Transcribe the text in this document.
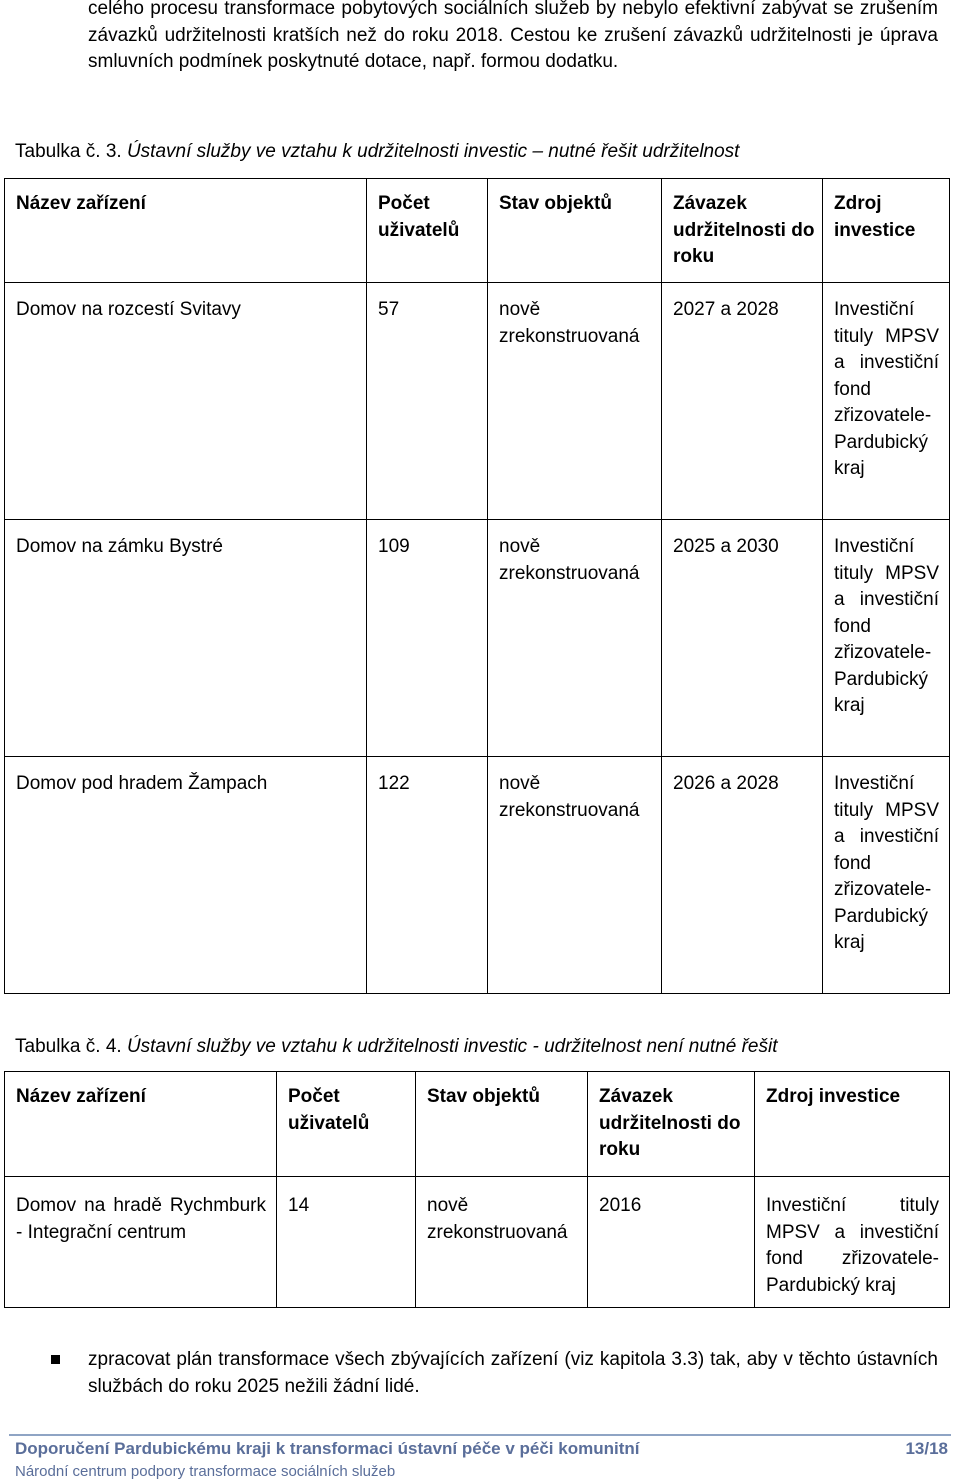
celého procesu transformace pobytových sociálních služeb by nebylo efektivní zabývat se zrušením závazků udržitelnosti kratších než do roku 2018. Cestou ke zrušení závazků udržitelnosti je úprava smluvních podmínek poskytnuté dotace, např. formou dodatku.

Tabulka č. 3. Ústavní služby ve vztahu k udržitelnosti investic – nutné řešit udržitelnost
Název zařízení	Počet uživatelů	Stav objektů	Závazek udržitelnosti do roku	Zdroj investice
Domov na rozcestí Svitavy	57	nově zrekonstruovaná	2027 a 2028	Investiční tituly MPSV a investiční fond zřizovatele- Pardubický kraj
Domov na zámku Bystré	109	nově zrekonstruovaná	2025 a 2030	Investiční tituly MPSV a investiční fond zřizovatele- Pardubický kraj
Domov pod hradem Žampach	122	nově zrekonstruovaná	2026 a 2028	Investiční tituly MPSV a investiční fond zřizovatele- Pardubický kraj
Tabulka č. 4. Ústavní služby ve vztahu k udržitelnosti investic - udržitelnost není nutné řešit
Název zařízení	Počet uživatelů	Stav objektů	Závazek udržitelnosti do roku	Zdroj investice
Domov na hradě Rychmburk - Integrační centrum	14	nově zrekonstruovaná	2016	Investiční tituly MPSV a investiční fond zřizovatele- Pardubický kraj

zpracovat plán transformace všech zbývajících zařízení (viz kapitola 3.3) tak, aby v těchto ústavních službách do roku 2025 nežili žádní lidé.

Doporučení Pardubickému kraji k transformaci ústavní péče v péči komunitní	13/18
Národní centrum podpory transformace sociálních služeb
